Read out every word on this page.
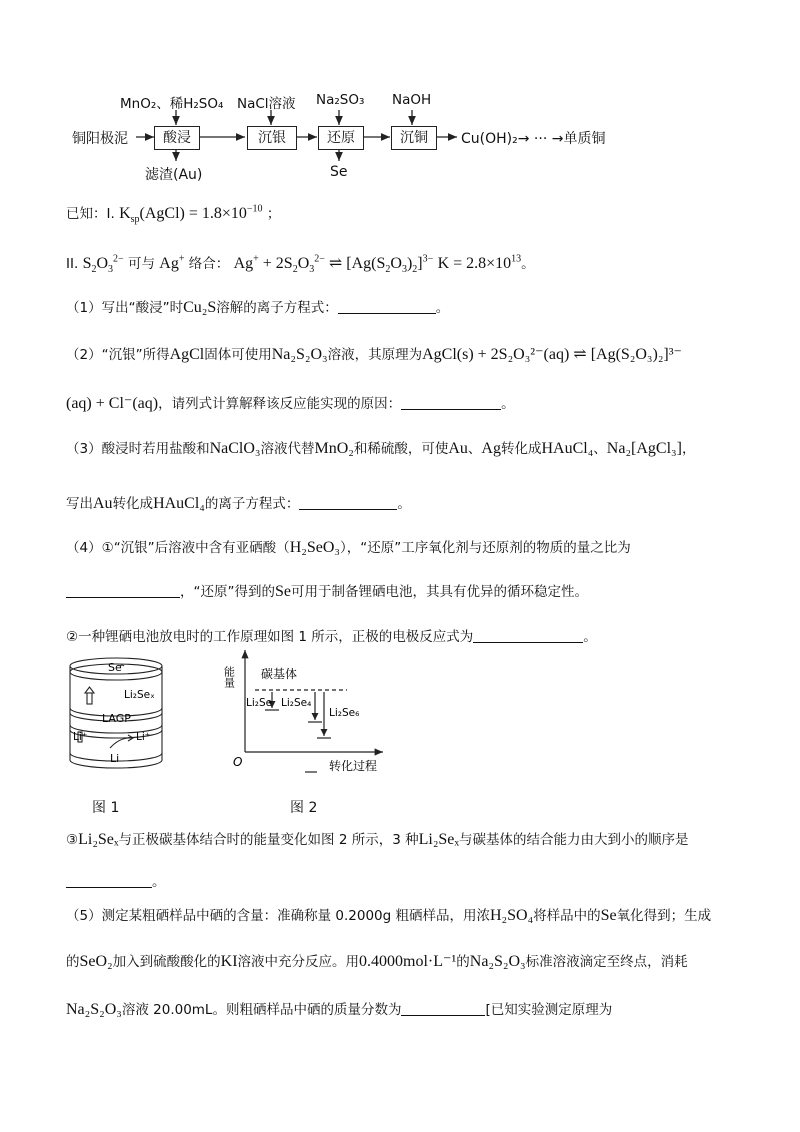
MnO₂、稀H₂SO₄ NaCl溶液 Na₂SO₃ NaOH
铜阳极泥	酸浸	沉银	还原	沉铜	Cu(OH)₂→ ··· →单质铜
滤渣(Au)	Se
已知：I. $K_{sp}(AgCl) = 1.8\times 10^{-10}$ ；
II. $S_2O_3^{2-}$ 可与 Ag+ 络合： $Ag^+ + 2S_2O_3^{2-}$ ⇌ $[Ag(S_2O_3)_2]^{3-}$ $K = 2.8\times 10^{13}$。
（1）写出“酸浸”时Cu₂S溶解的离子方程式：	。
（2）“沉银”所得AgCl固体可使用Na₂S₂O₃溶液，其原理为AgCl(s) + 2S₂O₃²⁻(aq) ⇌ [Ag(S₂O₃)₂]³⁻
(aq) + Cl⁻(aq)，请列式计算解释该反应能实现的原因：	。
（3）酸浸时若用盐酸和NaClO₃溶液代替MnO₂和稀硫酸，可使Au、Ag转化成HAuCl₄、Na₂[AgCl₃]，
写出Au转化成HAuCl₄的离子方程式：	。
（4）①“沉银”后溶液中含有亚硒酸（H₂SeO₃），“还原”工序氧化剂与还原剂的物质的量之比为
，“还原”得到的Se可用于制备锂硒电池，其具有优异的循环稳定性。
②一种锂硒电池放电时的工作原理如图 1 所示，正极的电极反应式为	。
Se
Li₂Seₓ
LAGP
Li⁺	Li⁺
Li
图 1
能量 碳基体
Li₂Se Li₂Se₄
Li₂Se₆
O	转化过程
图 2
③Li₂Seₓ与正极碳基体结合时的能量变化如图 2 所示，3 种Li₂Seₓ与碳基体的结合能力由大到小的顺序是
。
（5）测定某粗硒样品中硒的含量：准确称量 0.2000g 粗硒样品，用浓H₂SO₄将样品中的Se氧化得到；生成
的SeO₂加入到硫酸酸化的KI溶液中充分反应。用0.4000mol·L⁻¹的Na₂S₂O₃标准溶液滴定至终点，消耗
Na₂S₂O₃溶液 20.00mL。则粗硒样品中硒的质量分数为	[已知实验测定原理为
